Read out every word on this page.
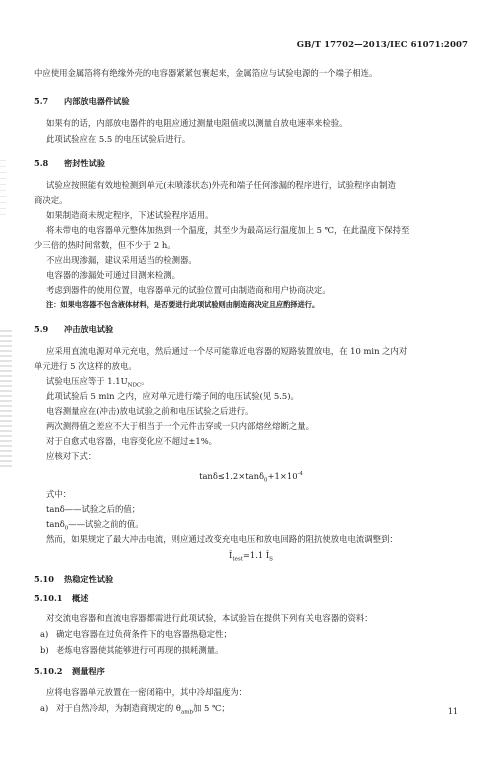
GB/T 17702—2013/IEC 61071:2007
中应使用金属箔将有绝缘外壳的电容器紧紧包裹起来，金属箔应与试验电源的一个端子相连。
5.7 内部放电器件试验
如果有的话，内部放电器件的电阻应通过测量电阻值或以测量自放电速率来检验。
此项试验应在 5.5 的电压试验后进行。
5.8 密封性试验
试验应按照能有效地检测到单元(未喷漆状态)外壳和端子任何渗漏的程序进行，试验程序由制造
商决定。
如果制造商未规定程序，下述试验程序适用。
将未带电的电容器单元整体加热到一个温度，其至少为最高运行温度加上 5 ℃，在此温度下保持至
少三倍的热时间常数，但不少于 2 h。
不应出现渗漏，建议采用适当的检测器。
电容器的渗漏处可通过目测来检测。
考虑到器件的使用位置，电容器单元的试验位置可由制造商和用户协商决定。
注：如果电容器不包含液体材料，是否要进行此项试验则由制造商决定且应酌择进行。
5.9 冲击放电试验
应采用直流电源对单元充电，然后通过一个尽可能靠近电容器的短路装置放电，在 10 min 之内对
单元进行 5 次这样的放电。
试验电压应等于 $1.1U_{NDC}$。
此项试验后 5 min 之内，应对单元进行端子间的电压试验(见 5.5)。
电容测量应在(冲击)放电试验之前和电压试验之后进行。
两次测得值之差应不大于相当于一个元件击穿或一只内部熔丝熔断之量。
对于自愈式电容器，电容变化应不超过±1%。
应核对下式：
$\tan\delta\le 1.2\times\tan\delta_0+1\times 10^{-4}$
式中：
tanδ——试验之后的值；
tanδ$_0$——试验之前的值。
然而，如果规定了最大冲击电流，则应通过改变充电电压和放电回路的阻抗使放电电流调整到：
$Î_{test}=1.1$ $Î_S$
5.10 热稳定性试验
5.10.1 概述
对交流电容器和直流电容器都需进行此项试验，本试验旨在提供下列有关电容器的资料：
a) 确定电容器在过负荷条件下的电容器热稳定性；
b) 老炼电容器使其能够进行可再现的损耗测量。
5.10.2 测量程序
应将电容器单元放置在一密闭箱中，其中冷却温度为：
a) 对于自然冷却，为制造商规定的 $\theta_{amb}$加 5 ℃；	11
